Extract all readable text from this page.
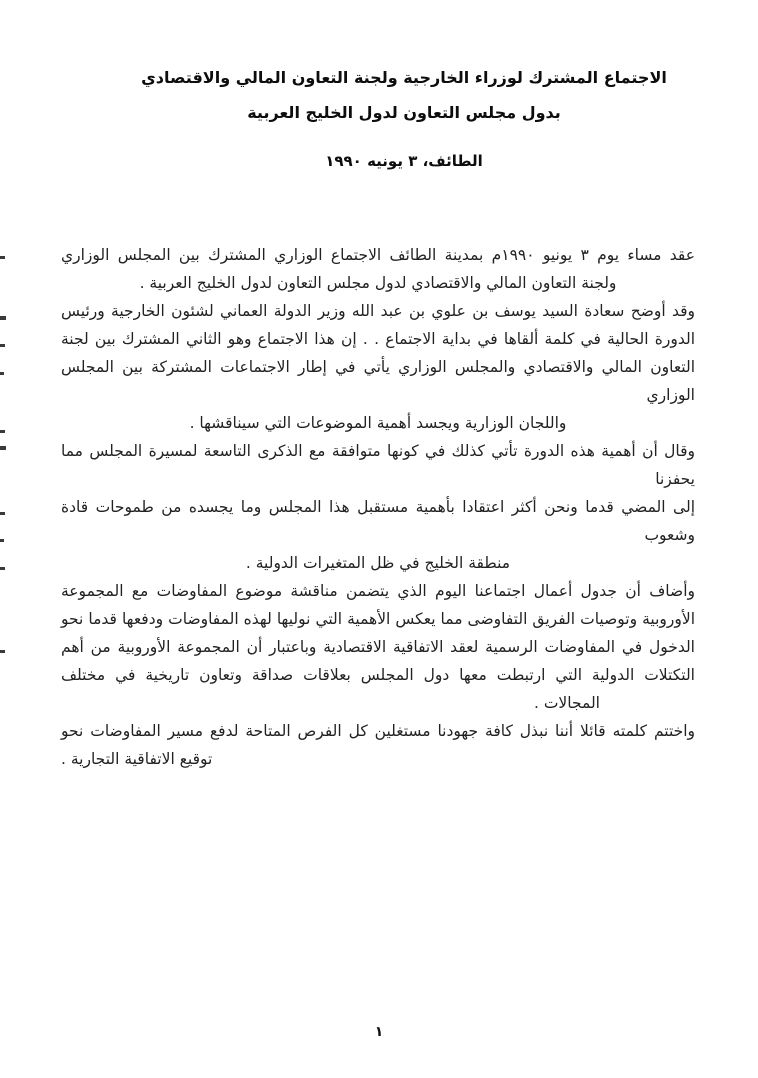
الاجتماع المشترك لوزراء الخارجية ولجنة التعاون المالي والاقتصادي
بدول مجلس التعاون لدول الخليج العربية
الطائف، ٣ يونيه ١٩٩٠
عقد مساء يوم ٣ يونيو ١٩٩٠م بمدينة الطائف الاجتماع الوزاري المشترك بين المجلس الوزاري
ولجنة التعاون المالي والاقتصادي لدول مجلس التعاون لدول الخليج العربية .
وقد أوضح سعادة السيد يوسف بن علوي بن عبد الله وزير الدولة العماني لشئون الخارجية ورئيس
الدورة الحالية في كلمة ألقاها في بداية الاجتماع . . إن هذا الاجتماع وهو الثاني المشترك بين لجنة
التعاون المالي والاقتصادي والمجلس الوزاري يأتي في إطار الاجتماعات المشتركة بين المجلس الوزاري
واللجان الوزارية ويجسد أهمية الموضوعات التي سيناقشها .
وقال أن أهمية هذه الدورة تأتي كذلك في كونها متوافقة مع الذكرى التاسعة لمسيرة المجلس مما يحفزنا
إلى المضي قدما ونحن أكثر اعتقادا بأهمية مستقبل هذا المجلس وما يجسده من طموحات قادة وشعوب
منطقة الخليج في ظل المتغيرات الدولية .
وأضاف أن جدول أعمال اجتماعنا اليوم الذي يتضمن مناقشة موضوع المفاوضات مع المجموعة
الأوروبية وتوصيات الفريق التفاوضى مما يعكس الأهمية التي نوليها لهذه المفاوضات ودفعها قدما نحو
الدخول في المفاوضات الرسمية لعقد الاتفاقية الاقتصادية وباعتبار أن المجموعة الأوروبية من أهم
التكتلات الدولية التي ارتبطت معها دول المجلس بعلاقات صداقة وتعاون تاريخية في مختلف
المجالات .
واختتم كلمته قائلا أننا نبذل كافة جهودنا مستغلين كل الفرص المتاحة لدفع مسير المفاوضات نحو
توقيع الاتفاقية التجارية .
١
